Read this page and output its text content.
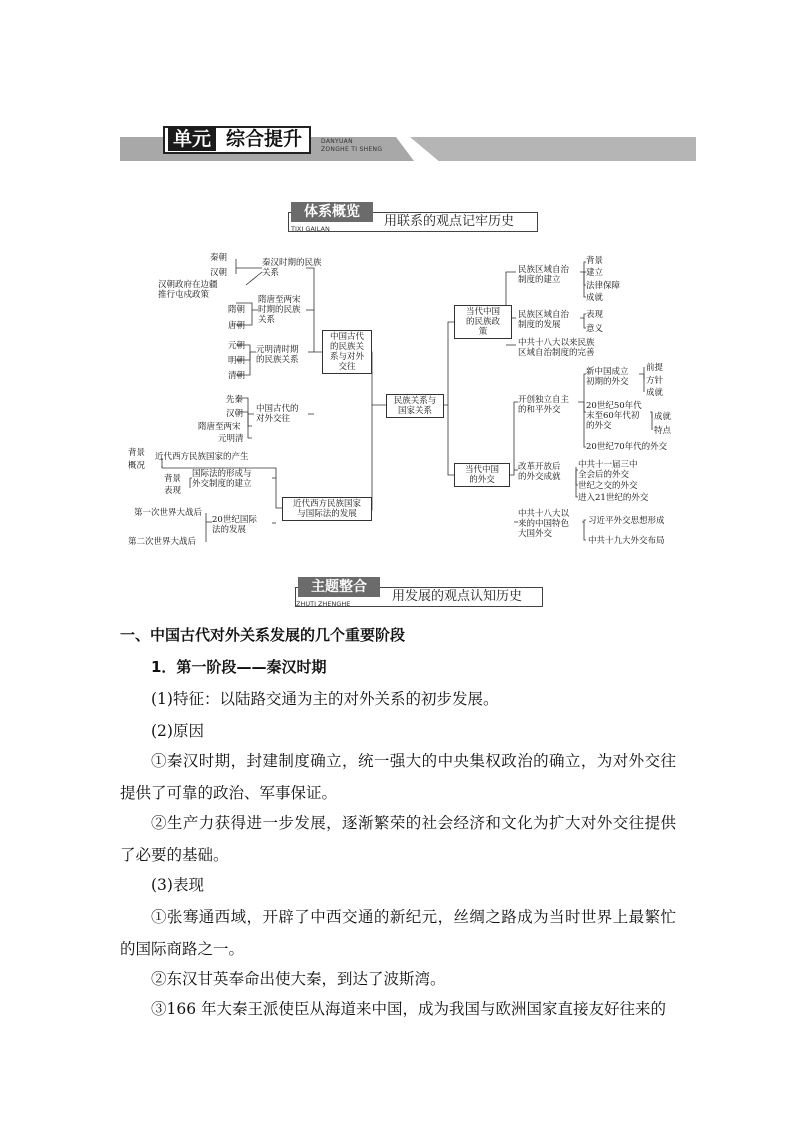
单元 综合提升	DANYUAN
ZONGHE TI SHENG
体系概览
TIXI GAILAN	用联系的观点记牢历史
民族关系与
国家关系
中国古代
的民族关
系与对外
交往
近代西方民族国家
与国际法的发展
秦汉时期的民族
关系
秦朝
汉朝
汉朝政府在边疆
推行屯戍政策	隋唐至两宋
时期的民族
关系
隋朝
唐朝
元明清时期
的民族关系
元朝
明朝
清朝
中国古代的
对外交往
先秦
汉朝
隋唐至两宋
元明清
近代西方民族国家的产生
背景
概况
国际法的形成与
外交制度的建立
背景
表现
20世纪国际
法的发展
第一次世界大战后
第二次世界大战后
当代中国
的民族政
策
当代中国
的外交
民族区域自治
制度的建立
背景
建立
法律保障
成就
民族区域自治
制度的发展
表现
意义
中共十八大以来民族
区域自治制度的完善
开创独立自主
的和平外交
新中国成立
初期的外交
前提
方针
成就
20世纪50年代
末至60年代初
的外交
成就
特点
20世纪70年代的外交
改革开放后
的外交成就
中共十一届三中
全会后的外交
世纪之交的外交
进入21世纪的外交
中共十八大以
来的中国特色
大国外交
习近平外交思想形成
中共十九大外交布局
主题整合
ZHUTI ZHENGHE	用发展的观点认知历史
一、中国古代对外关系发展的几个重要阶段
1．第一阶段——秦汉时期
(1)特征：以陆路交通为主的对外关系的初步发展。
(2)原因
①秦汉时期，封建制度确立，统一强大的中央集权政治的确立，为对外交往提供了可靠的政治、军事保证。
②生产力获得进一步发展，逐渐繁荣的社会经济和文化为扩大对外交往提供了必要的基础。
(3)表现
①张骞通西域，开辟了中西交通的新纪元，丝绸之路成为当时世界上最繁忙的国际商路之一。
②东汉甘英奉命出使大秦，到达了波斯湾。
③166 年大秦王派使臣从海道来中国，成为我国与欧洲国家直接友好往来的
